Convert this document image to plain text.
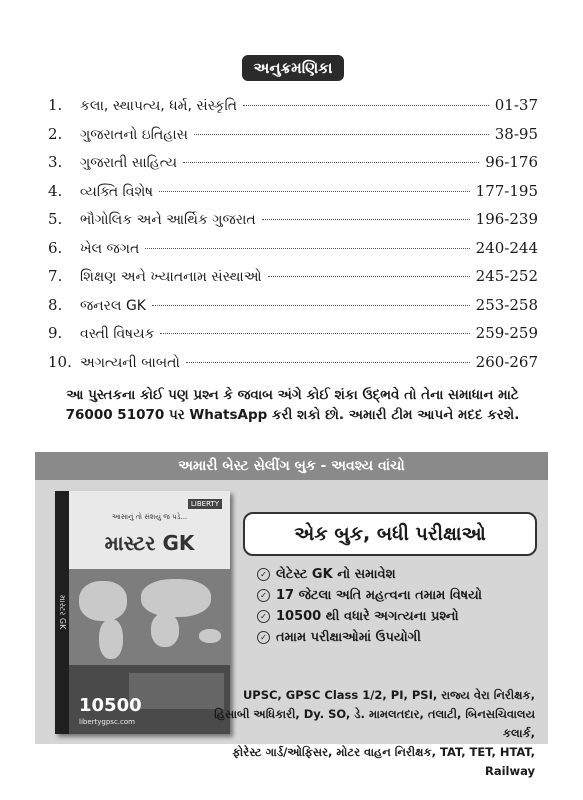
અનુક્રમણિકા
1.	કલા, સ્થાપત્ય, ધર્મ, સંસ્કૃતિ	01-37
2.	ગુજરાતનો ઇતિહાસ	38-95
3.	ગુજરાતી સાહિત્ય	96-176
4.	વ્યક્તિ વિશેષ	177-195
5.	ભૌગોલિક અને આર્થિક ગુજરાત	196-239
6.	ખેલ જગત	240-244
7.	શિક્ષણ અને ખ્યાતનામ સંસ્થાઓ	245-252
8.	જનરલ GK	253-258
9.	વસ્તી વિષયક	259-259
10. અગત્યની બાબતો	260-267
આ પુસ્તકના કોઈ પણ પ્રશ્ન કે જવાબ અંગે કોઈ શંકા ઉદ્‌ભવે તો તેના સમાધાન માટે
76000 51070 પર WhatsApp કરી શકો છો. અમારી ટીમ આપને મદદ કરશે.
અમારી બેસ્ટ સેલીંગ બુક - અવશ્ય વાંચો
માસ્ટર GK
LIBERTY
આસાનું તો સંશયું જ પડે...
માસ્ટર GK
10500
libertygpsc.com
એક બુક, બધી પરીક્ષાઓ
✓ લેટેસ્ટ GK નો સમાવેશ
✓ 17 જેટલા અતિ મહત્વના તમામ વિષયો
✓ 10500 થી વધારે અગત્યના પ્રશ્નો
✓ તમામ પરીક્ષાઓમાં ઉપયોગી
UPSC, GPSC Class 1/2, PI, PSI, રાજ્ય વેરા નિરીક્ષક,
હિસાબી અધિકારી, Dy. SO, ડે. મામલતદાર, તલાટી, બિનસચિવાલય કલાર્ક,
ફોરેસ્ટ ગાર્ડ/ઓફિસર, મોટર વાહન નિરીક્ષક, TAT, TET, HTAT, Railway
